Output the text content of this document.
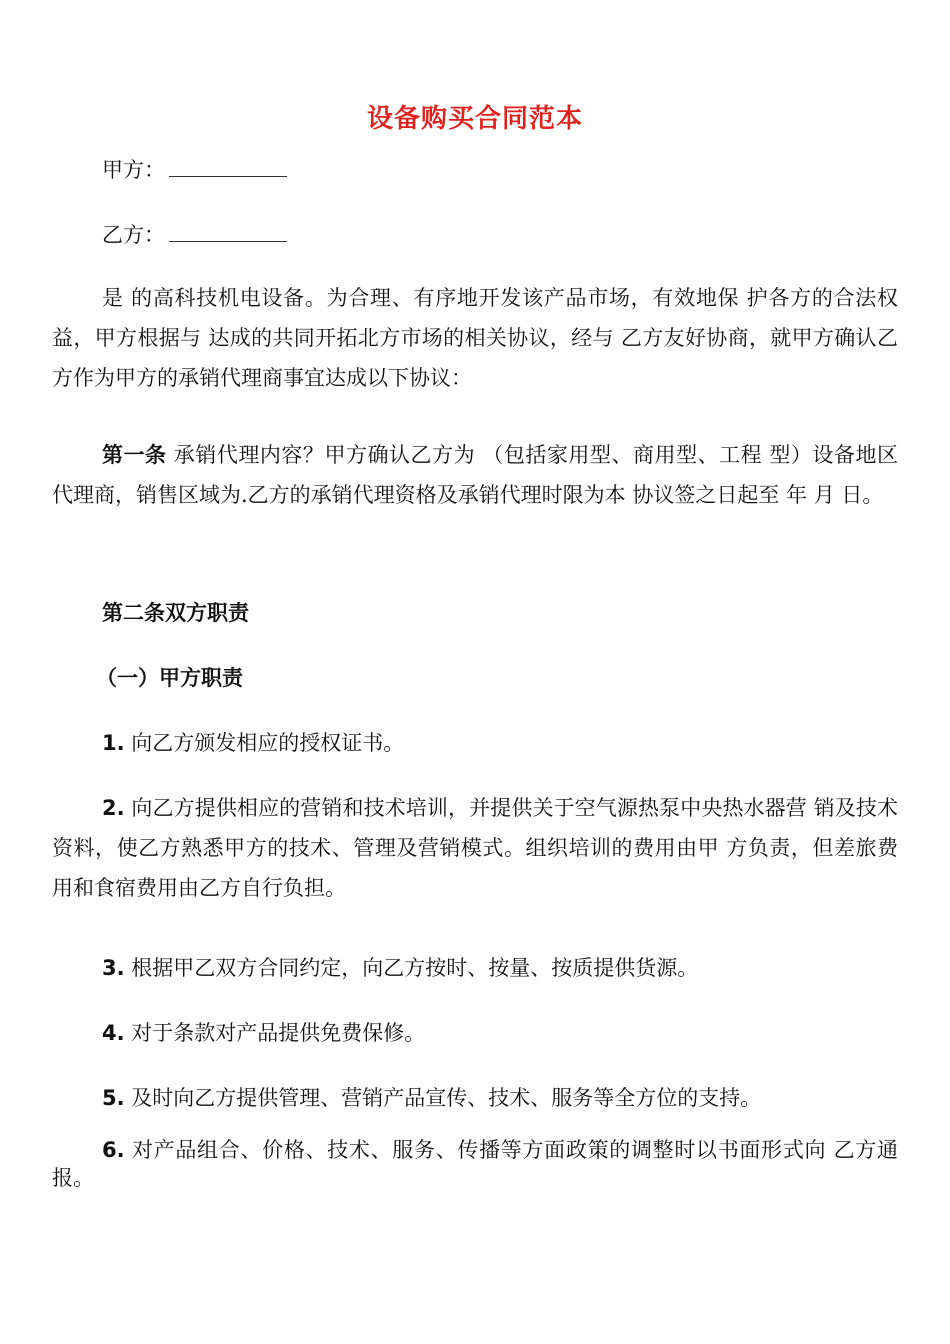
设备购买合同范本
甲方：
乙方：
是 的高科技机电设备。为合理、有序地开发该产品市场，有效地保 护各方的合法权益，甲方根据与 达成的共同开拓北方市场的相关协议，经与 乙方友好协商，就甲方确认乙方作为甲方的承销代理商事宜达成以下协议：
第一条 承销代理内容？甲方确认乙方为 （包括家用型、商用型、工程 型）设备地区代理商，销售区域为.乙方的承销代理资格及承销代理时限为本 协议签之日起至 年 月 日。
第二条双方职责
（一）甲方职责
1. 向乙方颁发相应的授权证书。
2. 向乙方提供相应的营销和技术培训，并提供关于空气源热泵中央热水器营 销及技术资料，使乙方熟悉甲方的技术、管理及营销模式。组织培训的费用由甲 方负责，但差旅费用和食宿费用由乙方自行负担。
3. 根据甲乙双方合同约定，向乙方按时、按量、按质提供货源。
4. 对于条款对产品提供免费保修。
5. 及时向乙方提供管理、营销产品宣传、技术、服务等全方位的支持。
6. 对产品组合、价格、技术、服务、传播等方面政策的调整时以书面形式向 乙方通报。
